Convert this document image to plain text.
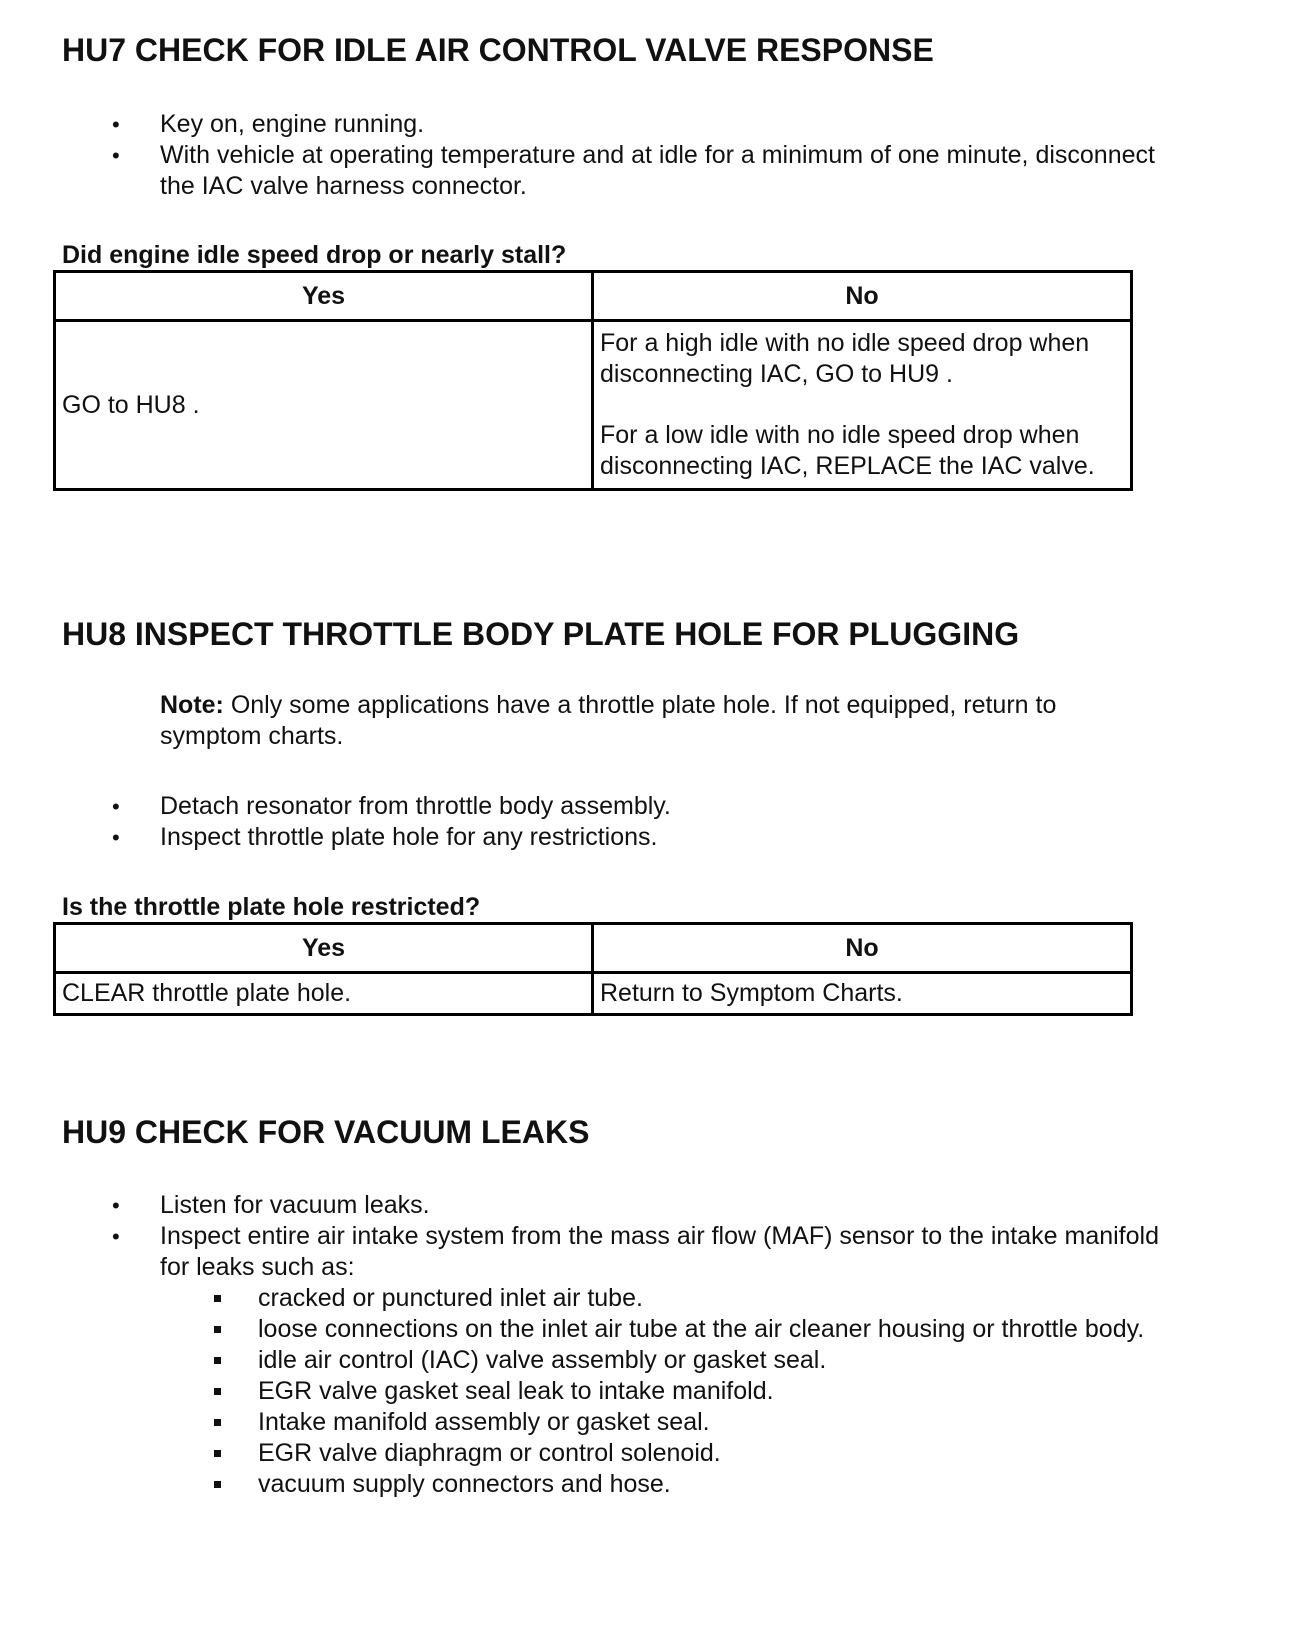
HU7 CHECK FOR IDLE AIR CONTROL VALVE RESPONSE
• Key on, engine running.
• With vehicle at operating temperature and at idle for a minimum of one minute, disconnect the IAC valve harness connector.

Did engine idle speed drop or nearly stall?

Yes	No
GO to HU8 .	For a high idle with no idle speed drop when disconnecting IAC, GO to HU9 .
For a low idle with no idle speed drop when disconnecting IAC, REPLACE the IAC valve.
HU8 INSPECT THROTTLE BODY PLATE HOLE FOR PLUGGING

Note: Only some applications have a throttle plate hole. If not equipped, return to symptom charts.

• Detach resonator from throttle body assembly.
• Inspect throttle plate hole for any restrictions.

Is the throttle plate hole restricted?

Yes	No
CLEAR throttle plate hole.	Return to Symptom Charts.
HU9 CHECK FOR VACUUM LEAKS
• Listen for vacuum leaks.
• Inspect entire air intake system from the mass air flow (MAF) sensor to the intake manifold for leaks such as:
cracked or punctured inlet air tube.
loose connections on the inlet air tube at the air cleaner housing or throttle body.
idle air control (IAC) valve assembly or gasket seal.
EGR valve gasket seal leak to intake manifold.
Intake manifold assembly or gasket seal.
EGR valve diaphragm or control solenoid.
vacuum supply connectors and hose.
